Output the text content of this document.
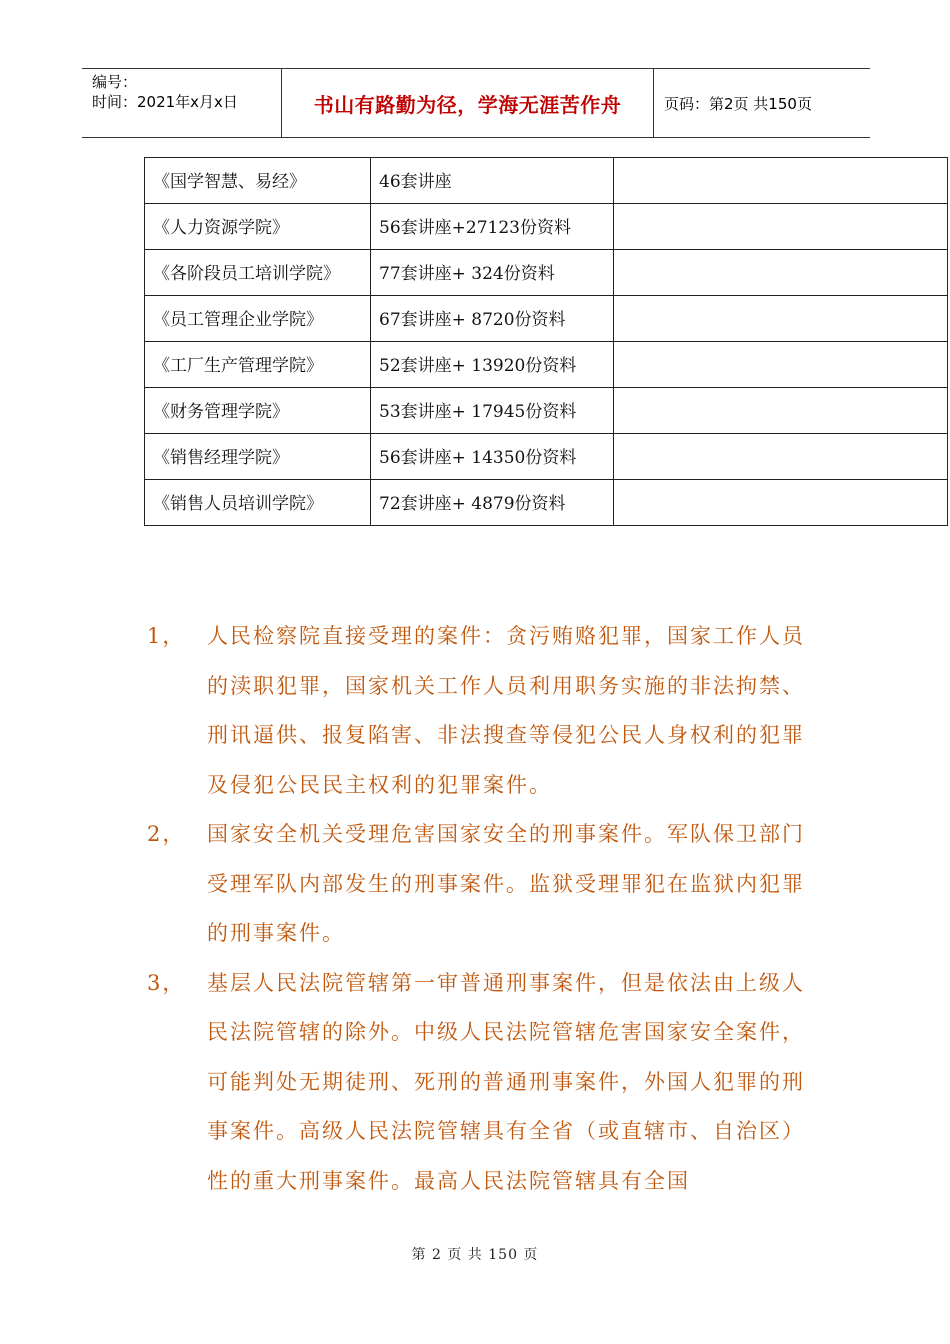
编号：
时间：2021年x月x日	书山有路勤为径，学海无涯苦作舟	页码：第2页 共150页
《国学智慧、易经》	46套讲座	
《人力资源学院》	56套讲座+27123份资料	
《各阶段员工培训学院》	77套讲座+ 324份资料	
《员工管理企业学院》	67套讲座+ 8720份资料	
《工厂生产管理学院》	52套讲座+ 13920份资料	
《财务管理学院》	53套讲座+ 17945份资料	
《销售经理学院》	56套讲座+ 14350份资料	
《销售人员培训学院》	72套讲座+ 4879份资料	
1，	人民检察院直接受理的案件：贪污贿赂犯罪，国家工作人员的渎职犯罪，国家机关工作人员利用职务实施的非法拘禁、刑讯逼供、报复陷害、非法搜查等侵犯公民人身权利的犯罪及侵犯公民民主权利的犯罪案件。
2，	国家安全机关受理危害国家安全的刑事案件。军队保卫部门受理军队内部发生的刑事案件。监狱受理罪犯在监狱内犯罪的刑事案件。
3，	基层人民法院管辖第一审普通刑事案件，但是依法由上级人民法院管辖的除外。中级人民法院管辖危害国家安全案件，可能判处无期徒刑、死刑的普通刑事案件，外国人犯罪的刑事案件。高级人民法院管辖具有全省（或直辖市、自治区）性的重大刑事案件。最高人民法院管辖具有全国
第 2 页 共 150 页
